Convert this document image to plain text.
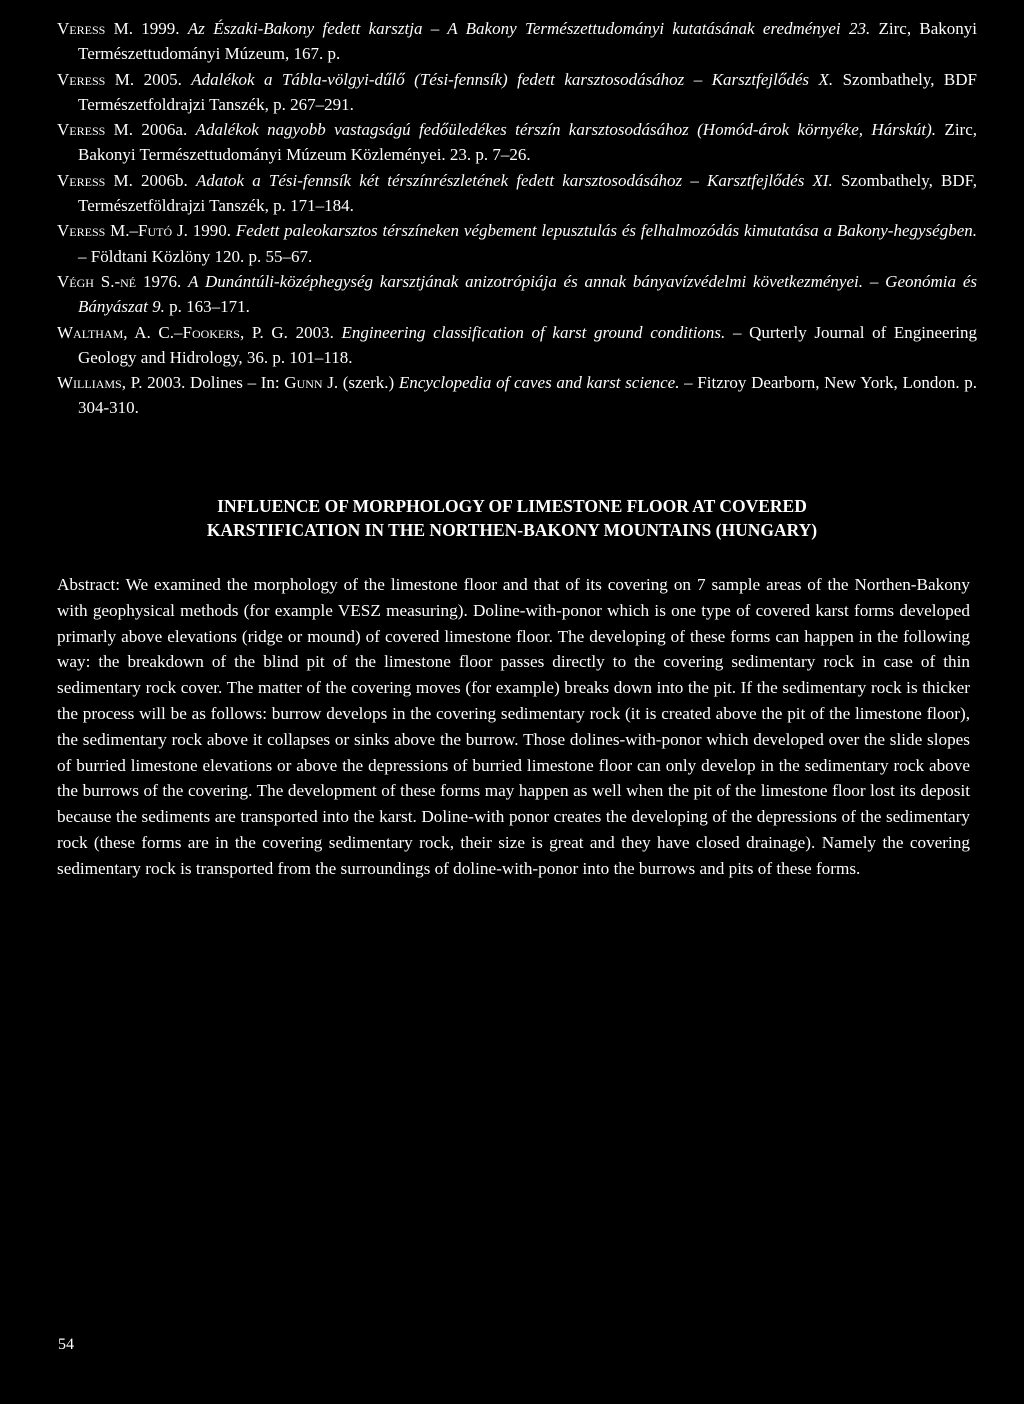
Veress M. 1999. Az Északi-Bakony fedett karsztja – A Bakony Természettudományi kutatásának eredményei 23. Zirc, Bakonyi Természettudományi Múzeum, 167. p.

Veress M. 2005. Adalékok a Tábla-völgyi-dűlő (Tési-fennsík) fedett karsztosodásához – Karsztfejlődés X. Szombathely, BDF Természetfoldrajzi Tanszék, p. 267–291.

Veress M. 2006a. Adalékok nagyobb vastagságú fedőüledékes térszín karsztosodásához (Homód-árok környéke, Hárskút). Zirc, Bakonyi Természettudományi Múzeum Közleményei. 23. p. 7–26.

Veress M. 2006b. Adatok a Tési-fennsík két térszínrészletének fedett karsztosodásához – Karsztfejlődés XI. Szombathely, BDF, Természetföldrajzi Tanszék, p. 171–184.

Veress M.–Futó J. 1990. Fedett paleokarsztos térszíneken végbement lepusztulás és felhalmozódás kimutatása a Bakony-hegységben. – Földtani Közlöny 120. p. 55–67.

Végh S.-né 1976. A Dunántúli-középhegység karsztjának anizotrópiája és annak bányavízvédelmi következményei. – Geonómia és Bányászat 9. p. 163–171.

Waltham, A. C.–Fookers, P. G. 2003. Engineering classification of karst ground conditions. – Qurterly Journal of Engineering Geology and Hidrology, 36. p. 101–118.

Williams, P. 2003. Dolines – In: Gunn J. (szerk.) Encyclopedia of caves and karst science. – Fitzroy Dearborn, New York, London. p. 304-310.

INFLUENCE OF MORPHOLOGY OF LIMESTONE FLOOR AT COVERED KARSTIFICATION IN THE NORTHEN-BAKONY MOUNTAINS (HUNGARY)

Abstract: We examined the morphology of the limestone floor and that of its covering on 7 sample areas of the Northen-Bakony with geophysical methods (for example VESZ measuring). Doline-with-ponor which is one type of covered karst forms developed primarly above elevations (ridge or mound) of covered limestone floor. The developing of these forms can happen in the following way: the breakdown of the blind pit of the limestone floor passes directly to the covering sedimentary rock in case of thin sedimentary rock cover. The matter of the covering moves (for example) breaks down into the pit. If the sedimentary rock is thicker the process will be as follows: burrow develops in the covering sedimentary rock (it is created above the pit of the limestone floor), the sedimentary rock above it collapses or sinks above the burrow. Those dolines-with-ponor which developed over the slide slopes of burried limestone elevations or above the depressions of burried limestone floor can only develop in the sedimentary rock above the burrows of the covering. The development of these forms may happen as well when the pit of the limestone floor lost its deposit because the sediments are transported into the karst. Doline-with ponor creates the developing of the depressions of the sedimentary rock (these forms are in the covering sedimentary rock, their size is great and they have closed drainage). Namely the covering sedimentary rock is transported from the surroundings of doline-with-ponor into the burrows and pits of these forms.

54
